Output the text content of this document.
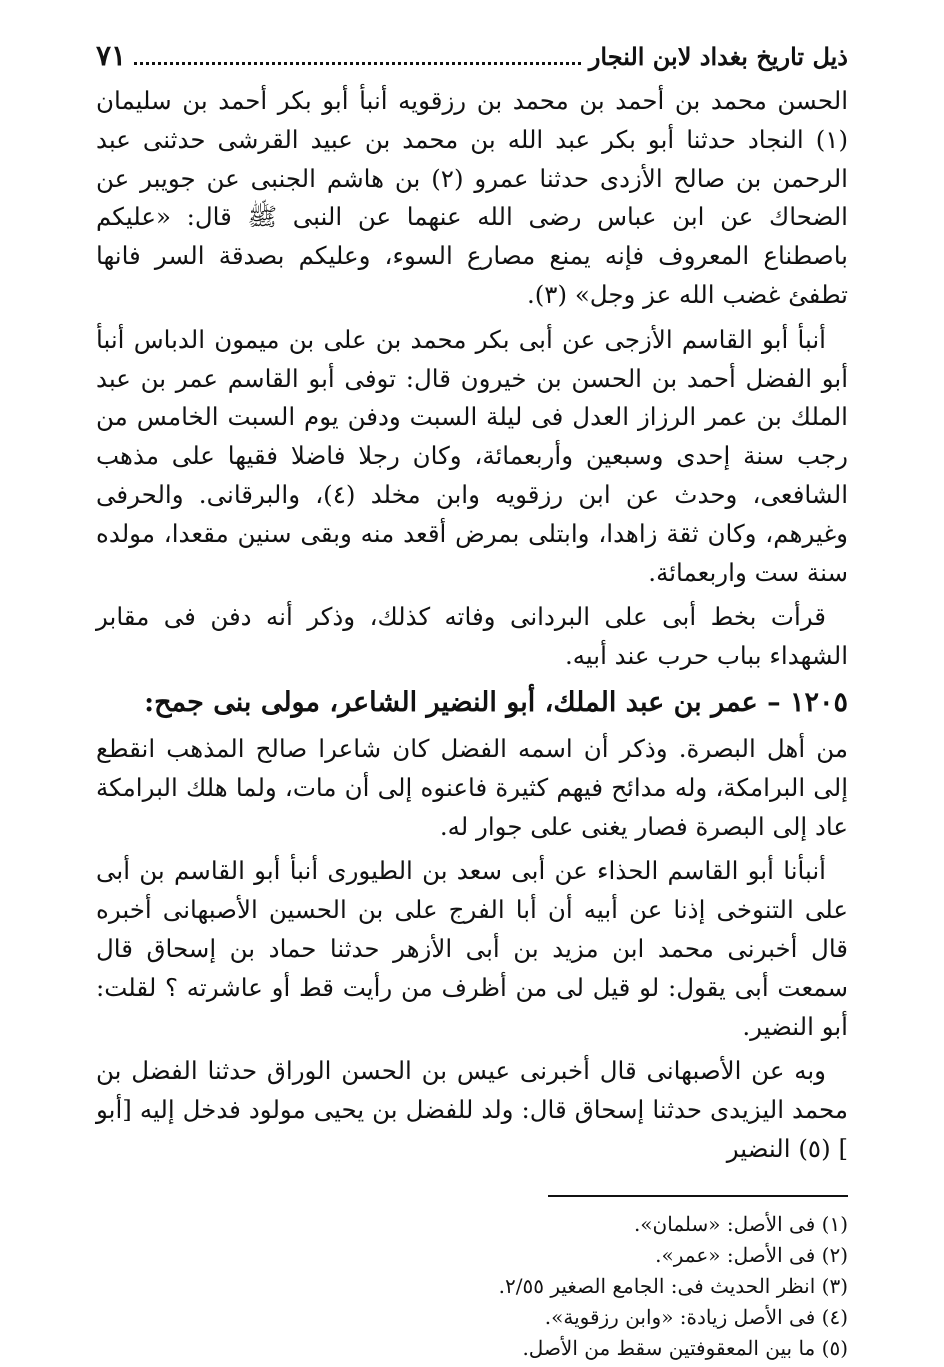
ذيل تاريخ بغداد لابن النجار
٧١

الحسن محمد بن أحمد بن محمد بن رزقويه أنبأ أبو بكر أحمد بن سليمان (١) النجاد حدثنا أبو بكر عبد الله بن محمد بن عبيد القرشى حدثنى عبد الرحمن بن صالح الأزدى حدثنا عمرو (٢) بن هاشم الجنبى عن جويبر عن الضحاك عن ابن عباس رضى الله عنهما عن النبى ﷺ قال: «عليكم باصطناع المعروف فإنه يمنع مصارع السوء، وعليكم بصدقة السر فانها تطفئ غضب الله عز وجل» (٣).

أنبأ أبو القاسم الأزجى عن أبى بكر محمد بن على بن ميمون الدباس أنبأ أبو الفضل أحمد بن الحسن بن خيرون قال: توفى أبو القاسم عمر بن عبد الملك بن عمر الرزاز العدل فى ليلة السبت ودفن يوم السبت الخامس من رجب سنة إحدى وسبعين وأربعمائة، وكان رجلا فاضلا فقيها على مذهب الشافعى، وحدث عن ابن رزقويه وابن مخلد (٤)، والبرقانى. والحرفى وغيرهم، وكان ثقة زاهدا، وابتلى بمرض أقعد منه وبقى سنين مقعدا، مولده سنة ست واربعمائة.

قرأت بخط أبى على البردانى وفاته كذلك، وذكر أنه دفن فى مقابر الشهداء بباب حرب عند أبيه.

١٢٠٥ – عمر بن عبد الملك، أبو النضير الشاعر، مولى بنى جمح:

من أهل البصرة. وذكر أن اسمه الفضل كان شاعرا صالح المذهب انقطع إلى البرامكة، وله مدائح فيهم كثيرة فاعنوه إلى أن مات، ولما هلك البرامكة عاد إلى البصرة فصار يغنى على جوار له.

أنبأنا أبو القاسم الحذاء عن أبى سعد بن الطيورى أنبأ أبو القاسم بن أبى على التنوخى إذنا عن أبيه أن أبا الفرج على بن الحسين الأصبهانى أخبره قال أخبرنى محمد ابن مزيد بن أبى الأزهر حدثنا حماد بن إسحاق قال سمعت أبى يقول: لو قيل لى من أظرف من رأيت قط أو عاشرته ؟ لقلت: أبو النضير.

وبه عن الأصبهانى قال أخبرنى عيس بن الحسن الوراق حدثنا الفضل بن محمد اليزيدى حدثنا إسحاق قال: ولد للفضل بن يحيى مولود فدخل إليه [أبو ] (٥) النضير

(١) فى الأصل: «سلمان».

(٢) فى الأصل: «عمر».

(٣) انظر الحديث فى: الجامع الصغير ٢/٥٥.

(٤) فى الأصل زيادة: «وابن رزقوية».

(٥) ما بين المعقوفتين سقط من الأصل.
